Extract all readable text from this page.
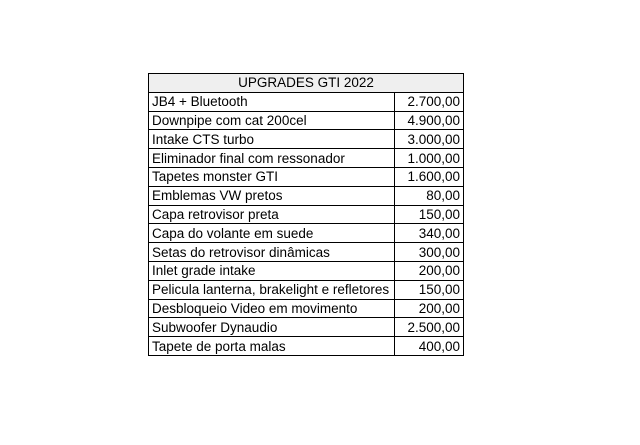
UPGRADES GTI 2022	
JB4 + Bluetooth	2.700,00
Downpipe com cat 200cel	4.900,00
Intake CTS turbo	3.000,00
Eliminador final com ressonador	1.000,00
Tapetes monster GTI	1.600,00
Emblemas VW pretos	80,00
Capa retrovisor preta	150,00
Capa do volante em suede	340,00
Setas do retrovisor dinâmicas	300,00
Inlet grade intake	200,00
Pelicula lanterna, brakelight e refletores	150,00
Desbloqueio Video em movimento	200,00
Subwoofer Dynaudio	2.500,00
Tapete de porta malas	400,00
